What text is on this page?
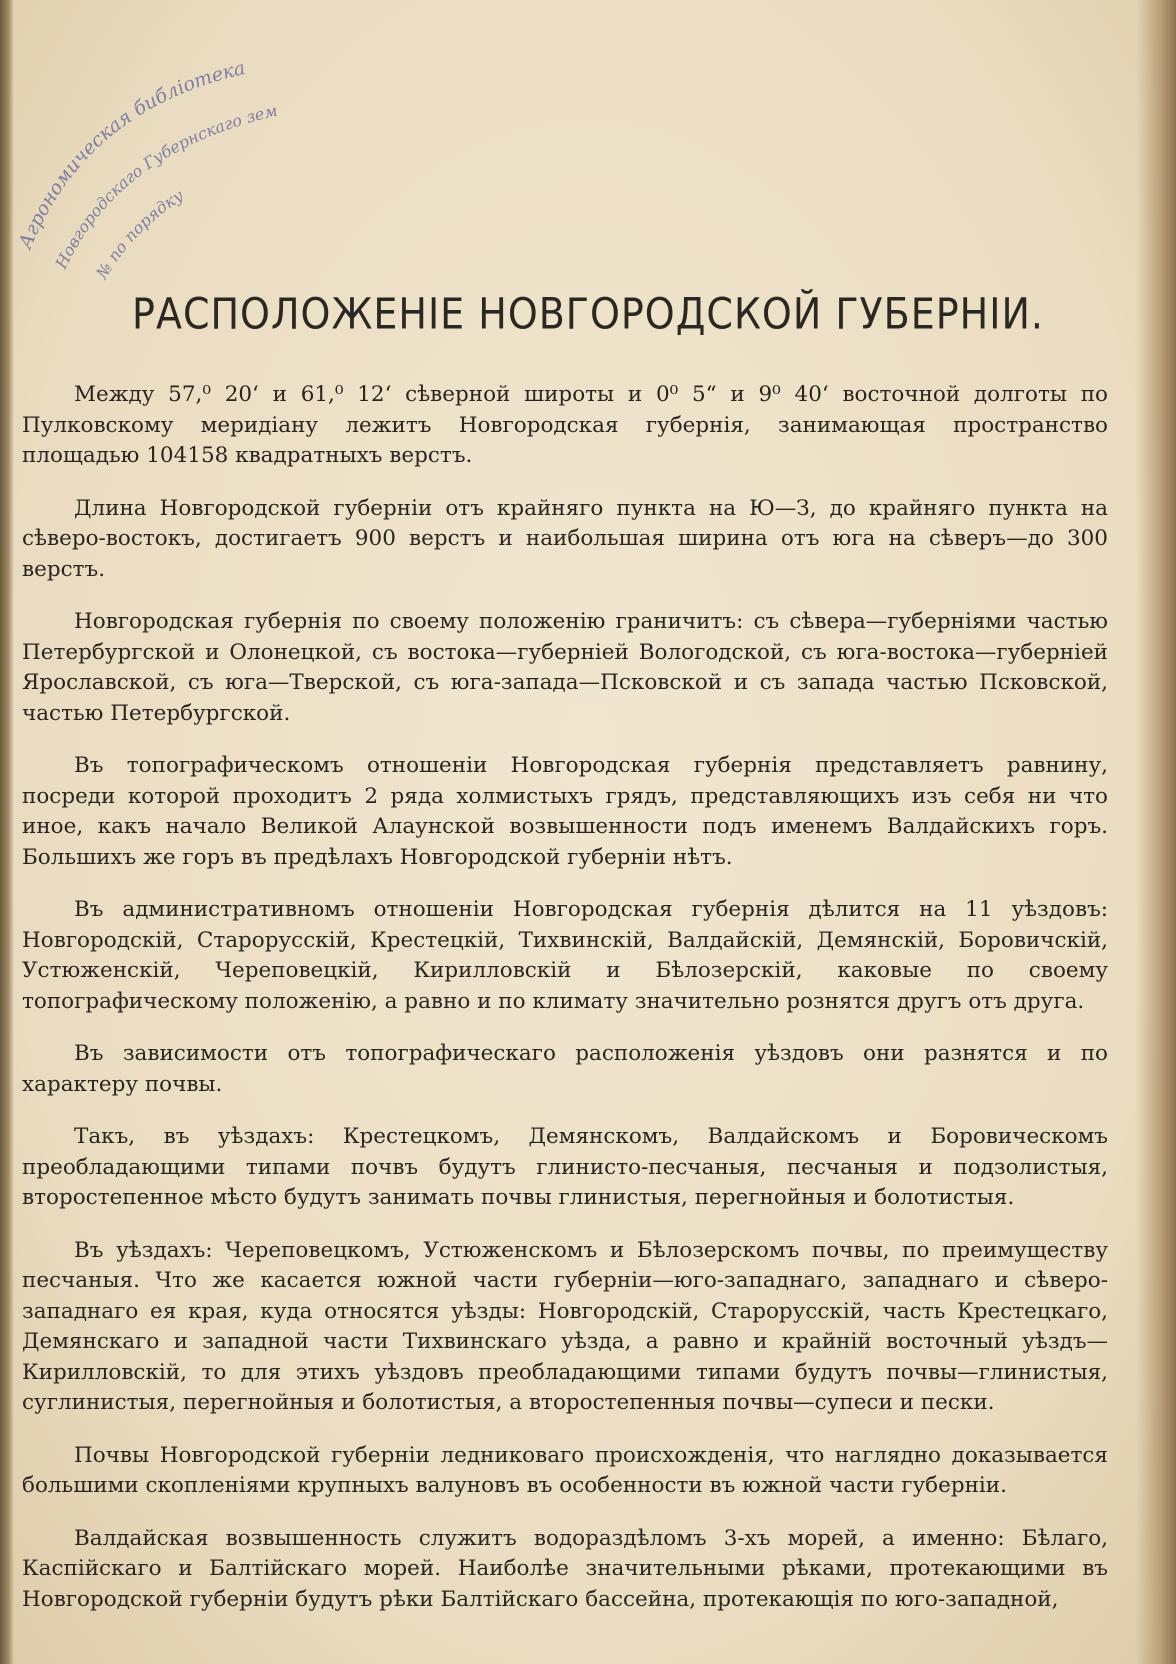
Агрономическая библіотека
Новгородскаго Губернскаго зем
№ по порядку
РАСПОЛОЖЕНІЕ НОВГОРОДСКОЙ ГУБЕРНІИ.

Между 57,⁰ 20‘ и 61,⁰ 12‘ сѣверной широты и 0⁰ 5“ и 9⁰ 40‘ восточной долготы по Пулковскому меридіану лежитъ Новгородская губернія, занимающая пространство площадью 104158 квадратныхъ верстъ.

Длина Новгородской губерніи отъ крайняго пункта на Ю—З, до крайняго пункта на сѣверо-востокъ, достигаетъ 900 верстъ и наибольшая ширина отъ юга на сѣверъ—до 300 верстъ.

Новгородская губернія по своему положенію граничитъ: съ сѣвера—губерніями частью Петербургской и Олонецкой, съ востока—губерніей Вологодской, съ юга-востока—губерніей Ярославской, съ юга—Тверской, съ юга-запада—Псковской и съ запада частью Псковской, частью Петербургской.

Въ топографическомъ отношеніи Новгородская губернія представляетъ равнину, посреди которой проходитъ 2 ряда холмистыхъ грядъ, представляющихъ изъ себя ни что иное, какъ начало Великой Алаунской возвышенности подъ именемъ Валдайскихъ горъ. Большихъ же горъ въ предѣлахъ Новгородской губерніи нѣтъ.

Въ административномъ отношеніи Новгородская губернія дѣлится на 11 уѣздовъ: Новгородскій, Старорусскій, Крестецкій, Тихвинскій, Валдайскій, Демянскій, Боровичскій, Устюженскій, Череповецкій, Кирилловскій и Бѣлозерскій, каковые по своему топографическому положенію, а равно и по климату значительно рознятся другъ отъ друга.

Въ зависимости отъ топографическаго расположенія уѣздовъ они разнятся и по характеру почвы.

Такъ, въ уѣздахъ: Крестецкомъ, Демянскомъ, Валдайскомъ и Боровическомъ преобладающими типами почвъ будутъ глинисто-песчаныя, песчаныя и подзолистыя, второстепенное мѣсто будутъ занимать почвы глинистыя, перегнойныя и болотистыя.

Въ уѣздахъ: Череповецкомъ, Устюженскомъ и Бѣлозерскомъ почвы, по преимуществу песчаныя. Что же касается южной части губерніи—юго-западнаго, западнаго и сѣверо-западнаго ея края, куда относятся уѣзды: Новгородскій, Старорусскій, часть Крестецкаго, Демянскаго и западной части Тихвинскаго уѣзда, а равно и крайній восточный уѣздъ—Кирилловскій, то для этихъ уѣздовъ преобладающими типами будутъ почвы—глинистыя, суглинистыя, перегнойныя и болотистыя, а второстепенныя почвы—супеси и пески.

Почвы Новгородской губерніи ледниковаго происхожденія, что наглядно доказывается большими скопленіями крупныхъ валуновъ въ особенности въ южной части губерніи.

Валдайская возвышенность служитъ водораздѣломъ 3-хъ морей, а именно: Бѣлаго, Каспійскаго и Балтійскаго морей. Наиболѣе значительными рѣками, протекающими въ Новгородской губерніи будутъ рѣки Балтійскаго бассейна, протекающія по юго-западной,
